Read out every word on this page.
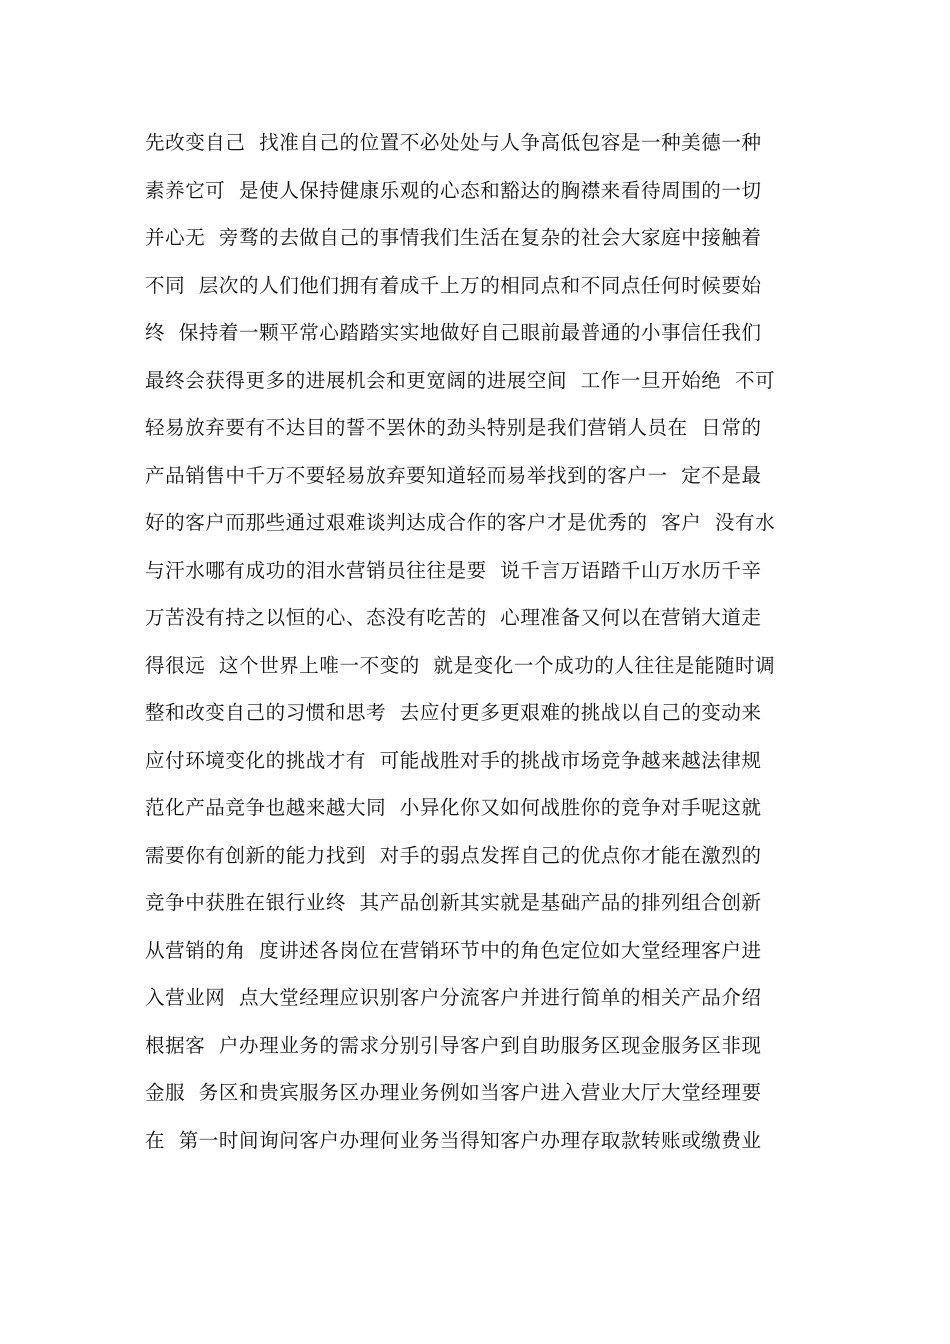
先改变自己  找准自己的位置不必处处与人争高低包容是一种美德一种
素养它可  是使人保持健康乐观的心态和豁达的胸襟来看待周围的一切
并心无  旁骛的去做自己的事情我们生活在复杂的社会大家庭中接触着
不同  层次的人们他们拥有着成千上万的相同点和不同点任何时候要始
终  保持着一颗平常心踏踏实实地做好自己眼前最普通的小事信任我们
最终会获得更多的进展机会和更宽阔的进展空间  工作一旦开始绝  不可
轻易放弃要有不达目的誓不罢休的劲头特别是我们营销人员在  日常的
产品销售中千万不要轻易放弃要知道轻而易举找到的客户一  定不是最
好的客户而那些通过艰难谈判达成合作的客户才是优秀的  客户  没有水
与汗水哪有成功的泪水营销员往往是要  说千言万语踏千山万水历千辛
万苦没有持之以恒的心、态没有吃苦的  心理准备又何以在营销大道走
得很远  这个世界上唯一不变的  就是变化一个成功的人往往是能随时调
整和改变自己的习惯和思考  去应付更多更艰难的挑战以自己的变动来
应付环境变化的挑战才有  可能战胜对手的挑战市场竞争越来越法律规
范化产品竞争也越来越大同  小异化你又如何战胜你的竞争对手呢这就
需要你有创新的能力找到  对手的弱点发挥自己的优点你才能在激烈的
竞争中获胜在银行业终  其产品创新其实就是基础产品的排列组合创新
从营销的角  度讲述各岗位在营销环节中的角色定位如大堂经理客户进
入营业网  点大堂经理应识别客户分流客户并进行简单的相关产品介绍
根据客  户办理业务的需求分别引导客户到自助服务区现金服务区非现
金服  务区和贵宾服务区办理业务例如当客户进入营业大厅大堂经理要
在  第一时间询问客户办理何业务当得知客户办理存取款转账或缴费业
